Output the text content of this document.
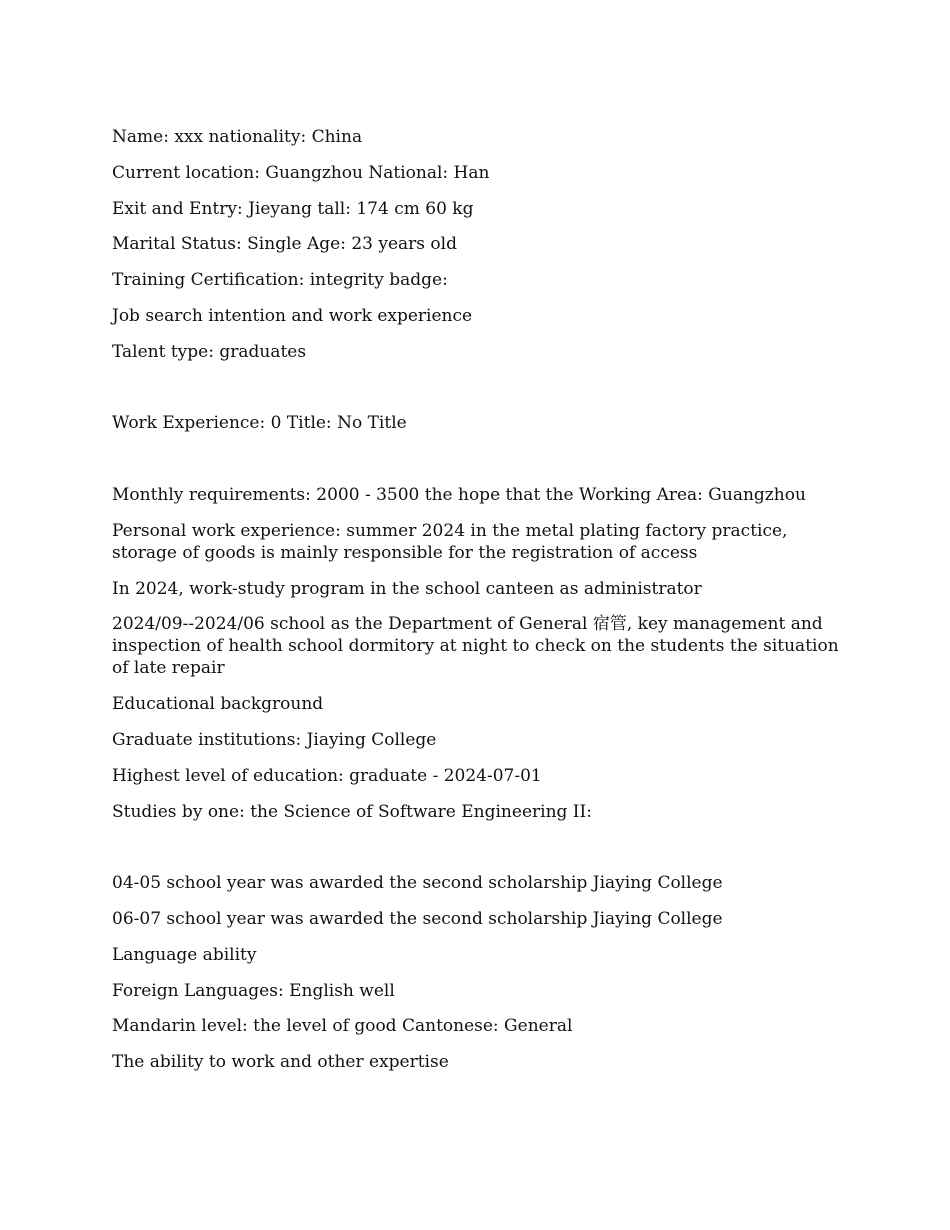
Name: xxx nationality: China

Current location: Guangzhou National: Han

Exit and Entry: Jieyang tall: 174 cm 60 kg

Marital Status: Single Age: 23 years old

Training Certification: integrity badge:

Job search intention and work experience

Talent type: graduates

Work Experience: 0 Title: No Title

Monthly requirements: 2000 - 3500 the hope that the Working Area: Guangzhou

Personal work experience: summer 2024 in the metal plating factory practice, storage of goods is mainly responsible for the registration of access

In 2024, work-study program in the school canteen as administrator

2024/09--2024/06 school as the Department of General 宿管, key management and inspection of health school dormitory at night to check on the students the situation of late repair

Educational background

Graduate institutions: Jiaying College

Highest level of education: graduate - 2024-07-01

Studies by one: the Science of Software Engineering II:

04-05 school year was awarded the second scholarship Jiaying College

06-07 school year was awarded the second scholarship Jiaying College

Language ability

Foreign Languages: English well

Mandarin level: the level of good Cantonese: General

The ability to work and other expertise
